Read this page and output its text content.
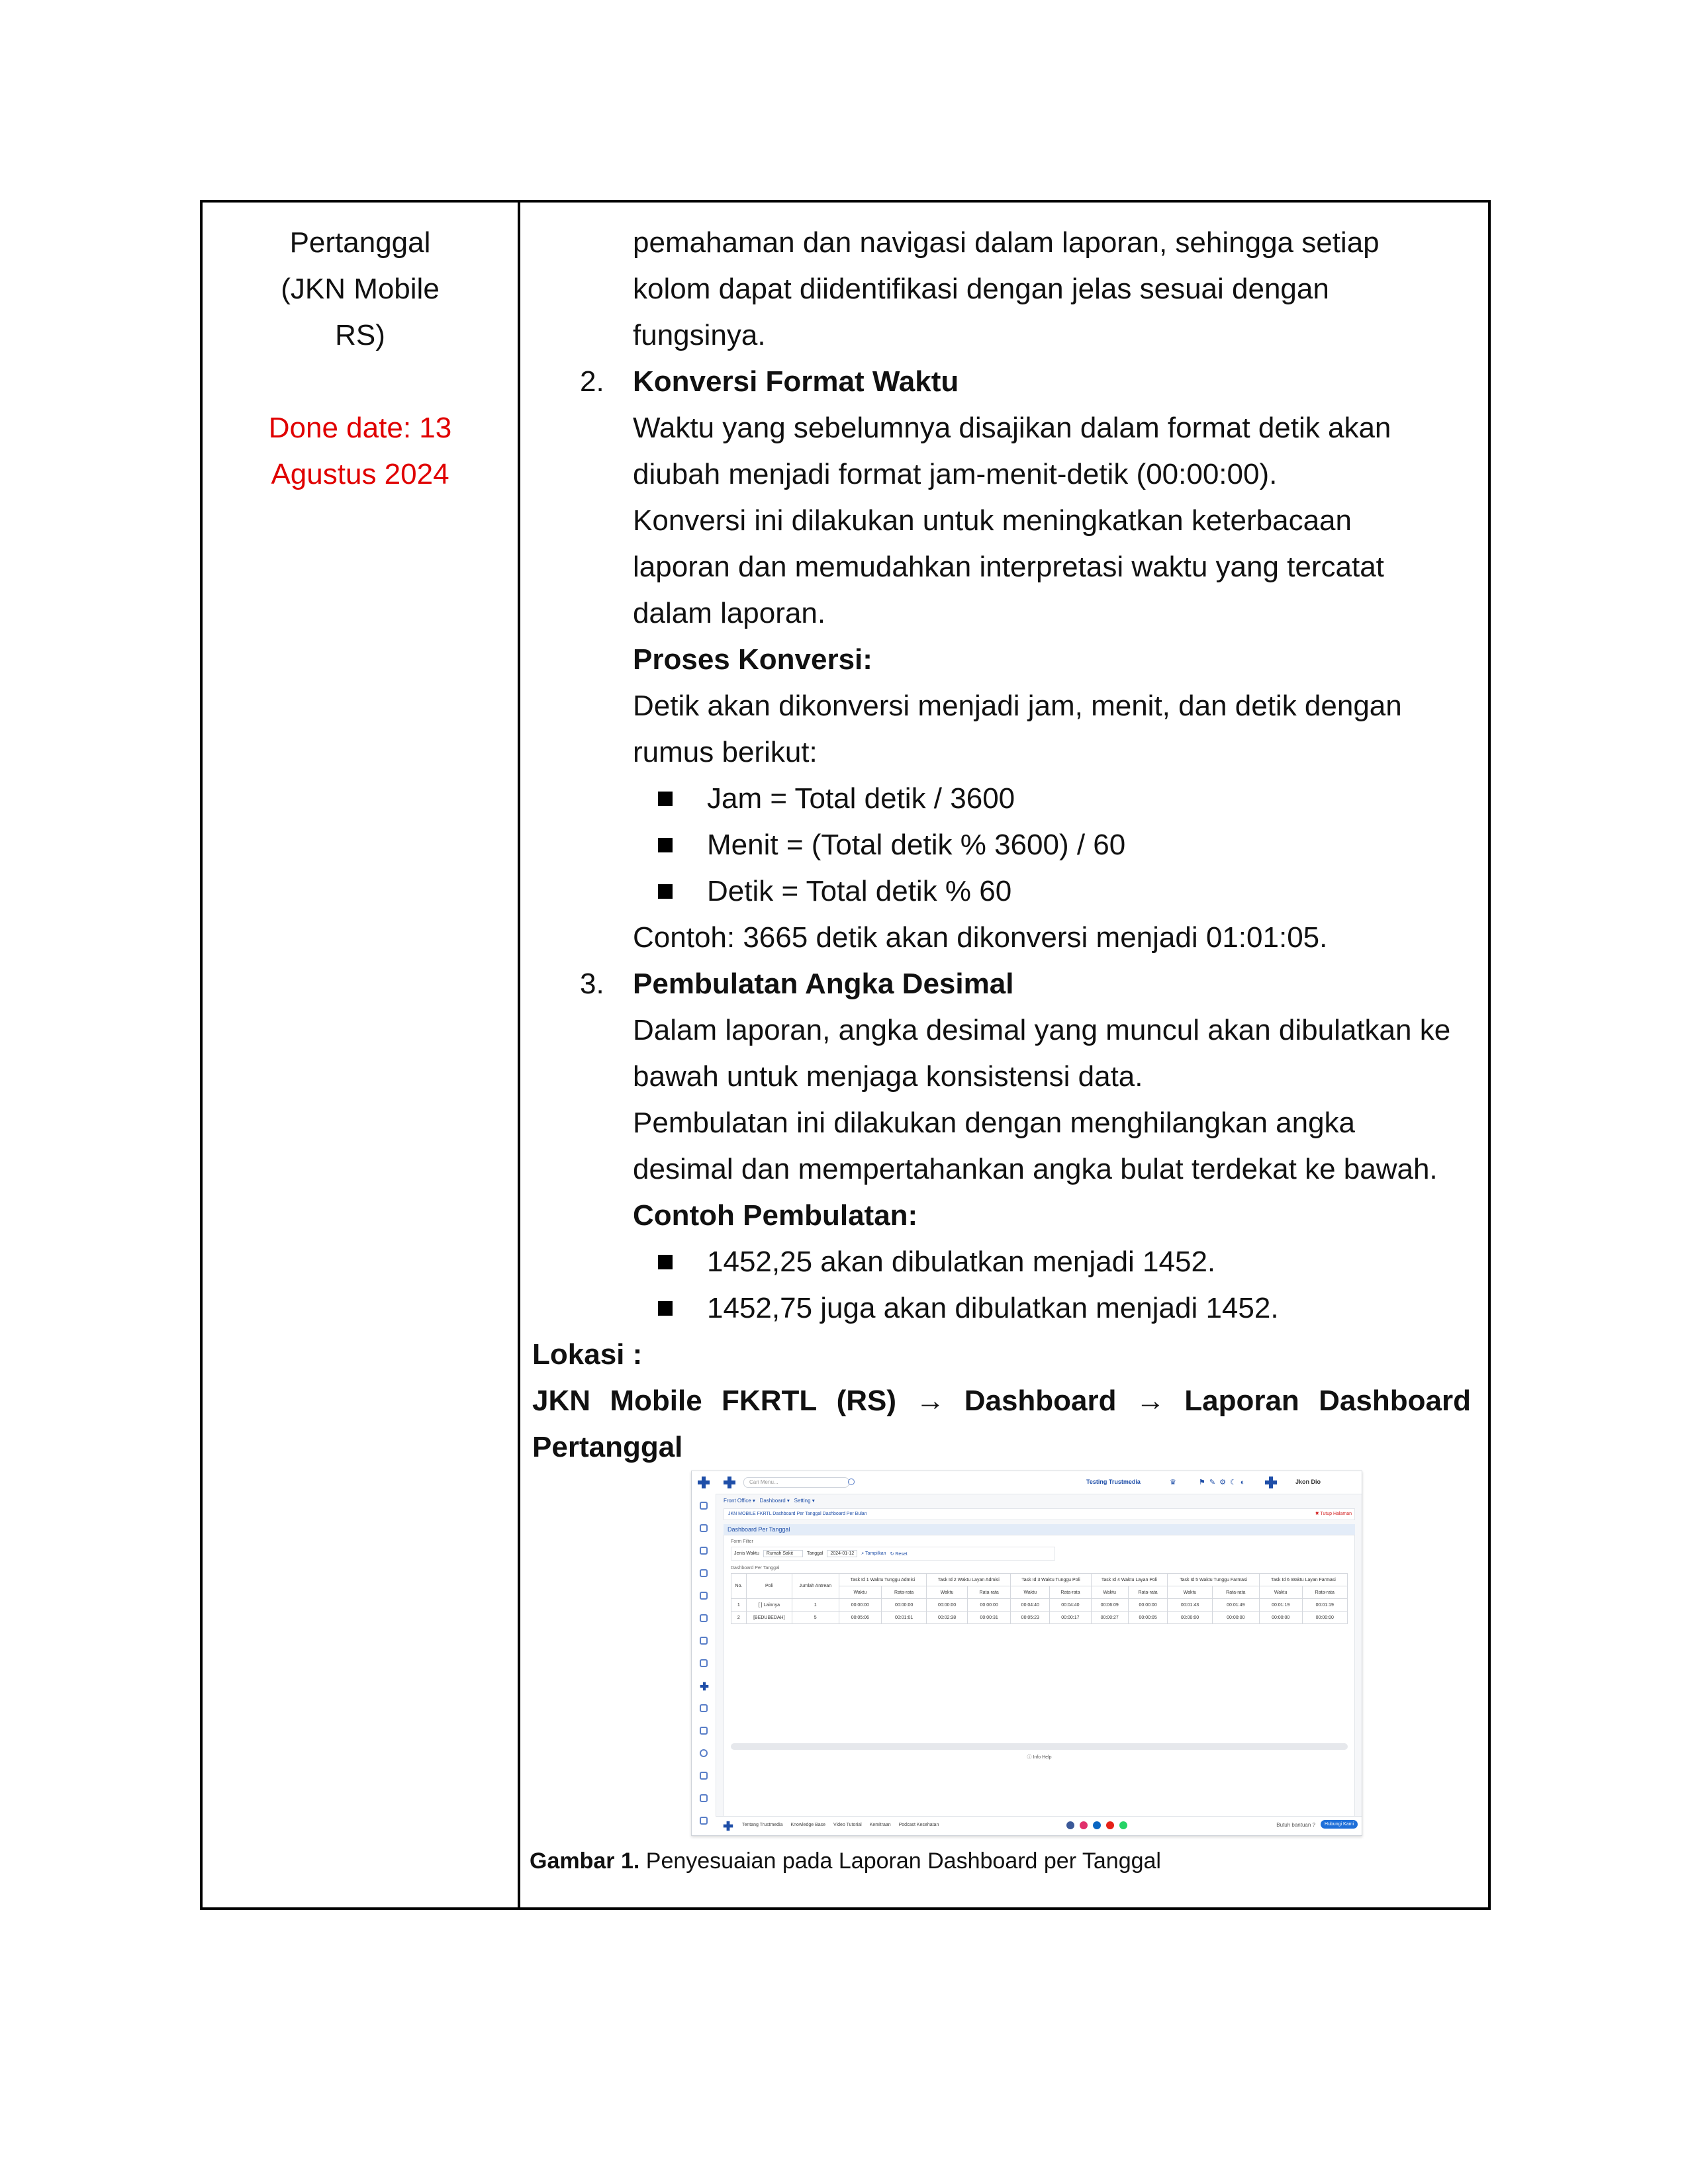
Pertanggal (JKN Mobile RS)
Done date: 13 Agustus 2024
pemahaman dan navigasi dalam laporan, sehingga setiap
kolom dapat diidentifikasi dengan jelas sesuai dengan
fungsinya.
2. Konversi Format Waktu
Waktu yang sebelumnya disajikan dalam format detik akan
diubah menjadi format jam-menit-detik (00:00:00).
Konversi ini dilakukan untuk meningkatkan keterbacaan
laporan dan memudahkan interpretasi waktu yang tercatat
dalam laporan.
Proses Konversi:
Detik akan dikonversi menjadi jam, menit, dan detik dengan
rumus berikut:
Jam = Total detik / 3600
Menit = (Total detik % 3600) / 60
Detik = Total detik % 60
Contoh: 3665 detik akan dikonversi menjadi 01:01:05.
3. Pembulatan Angka Desimal
Dalam laporan, angka desimal yang muncul akan dibulatkan ke
bawah untuk menjaga konsistensi data.
Pembulatan ini dilakukan dengan menghilangkan angka
desimal dan mempertahankan angka bulat terdekat ke bawah.
Contoh Pembulatan:
1452,25 akan dibulatkan menjadi 1452.
1452,75 juga akan dibulatkan menjadi 1452.
Lokasi :
JKN Mobile FKRTL (RS) → Dashboard → Laporan Dashboard
Pertanggal
Cari Menu...	Testing Trustmedia	♛	⚑✎⚙☾◐	Jkon Dio
Front Office ▾   Dashboard ▾   Setting ▾
JKN MOBILE FKRTL Dashboard Per Tanggal Dashboard Per Bulan	✖ Tutup Halaman
Dashboard Per Tanggal
Form Filter
Jenis Waktu	Rumah Sakit	Tanggal	2024-01-12	⌕ Tampilkan ↻ Reset
Dashboard Per Tanggal
No.	Poli	Jumlah Antrean	Task Id 1 Waktu Tunggu Admisi		Task Id 2 Waktu Layan Admisi		Task Id 3 Waktu Tunggu Poli		Task Id 4 Waktu Layan Poli		Task Id 5 Waktu Tunggu Farmasi		Task Id 6 Waktu Layan Farmasi	
			Waktu	Rata-rata	Waktu	Rata-rata	Waktu	Rata-rata	Waktu	Rata-rata	Waktu	Rata-rata	Waktu	Rata-rata
1	[ ] Lainnya	1	00:00:00	00:00:00	00:00:00	00:00:00	00:04:40	00:04:40	00:06:09	00:00:00	00:01:43	00:01:49	00:01:19	00:01:19
2	[BEDUBEDAH]	5	00:05:06	00:01:01	00:02:38	00:00:31	00:05:23	00:00:17	00:00:27	00:00:05	00:00:00	00:00:00	00:00:00	00:00:00
ⓘ Info Help
Tentang Trustmedia Knowledge Base Video Tutorial Kemitraan Podcast Kesehatan	Butuh bantuan ?	Hubungi Kami
Gambar 1. Penyesuaian pada Laporan Dashboard per Tanggal
